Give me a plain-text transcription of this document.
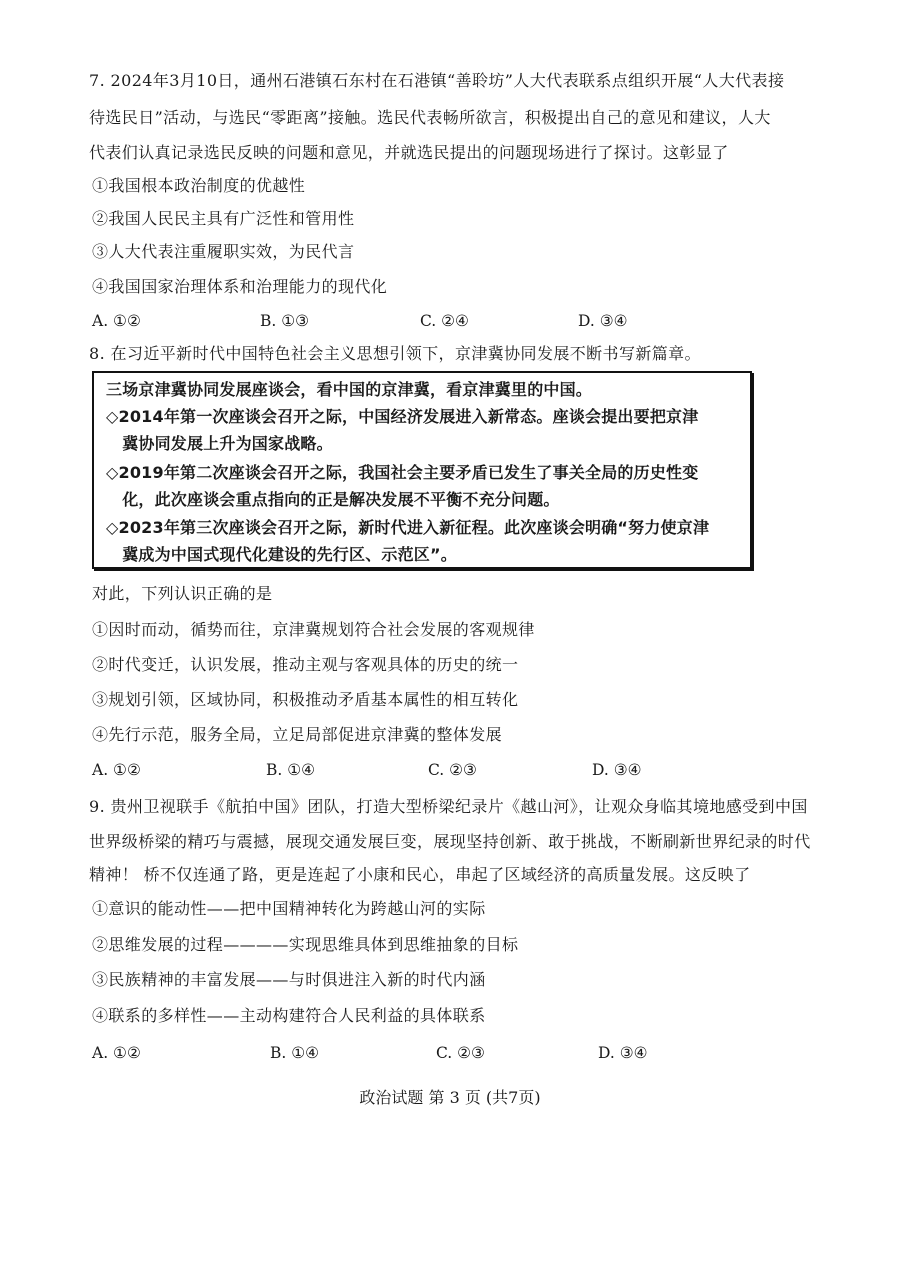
7. 2024年3月10日，通州石港镇石东村在石港镇“善聆坊”人大代表联系点组织开展“人大代表接
待选民日”活动，与选民“零距离”接触。选民代表畅所欲言，积极提出自己的意见和建议，人大
代表们认真记录选民反映的问题和意见，并就选民提出的问题现场进行了探讨。这彰显了
①我国根本政治制度的优越性
②我国人民民主具有广泛性和管用性
③人大代表注重履职实效，为民代言
④我国国家治理体系和治理能力的现代化
A. ①②	B. ①③	C. ②④	D. ③④
8. 在习近平新时代中国特色社会主义思想引领下，京津冀协同发展不断书写新篇章。
三场京津冀协同发展座谈会，看中国的京津冀，看京津冀里的中国。
◇2014年第一次座谈会召开之际，中国经济发展进入新常态。座谈会提出要把京津
　冀协同发展上升为国家战略。
◇2019年第二次座谈会召开之际，我国社会主要矛盾已发生了事关全局的历史性变
　化，此次座谈会重点指向的正是解决发展不平衡不充分问题。
◇2023年第三次座谈会召开之际，新时代进入新征程。此次座谈会明确“努力使京津
　冀成为中国式现代化建设的先行区、示范区”。
对此，下列认识正确的是
①因时而动，循势而往，京津冀规划符合社会发展的客观规律
②时代变迁，认识发展，推动主观与客观具体的历史的统一
③规划引领，区域协同，积极推动矛盾基本属性的相互转化
④先行示范，服务全局，立足局部促进京津冀的整体发展
A. ①②	B. ①④	C. ②③	D. ③④
9. 贵州卫视联手《航拍中国》团队，打造大型桥梁纪录片《越山河》，让观众身临其境地感受到中国
世界级桥梁的精巧与震撼，展现交通发展巨变，展现坚持创新、敢于挑战，不断刷新世界纪录的时代
精神！ 桥不仅连通了路，更是连起了小康和民心，串起了区域经济的高质量发展。这反映了
①意识的能动性——把中国精神转化为跨越山河的实际
②思维发展的过程————实现思维具体到思维抽象的目标
③民族精神的丰富发展——与时俱进注入新的时代内涵
④联系的多样性——主动构建符合人民利益的具体联系
A. ①②	B. ①④	C. ②③	D. ③④
政治试题 第 3 页 (共7页)
